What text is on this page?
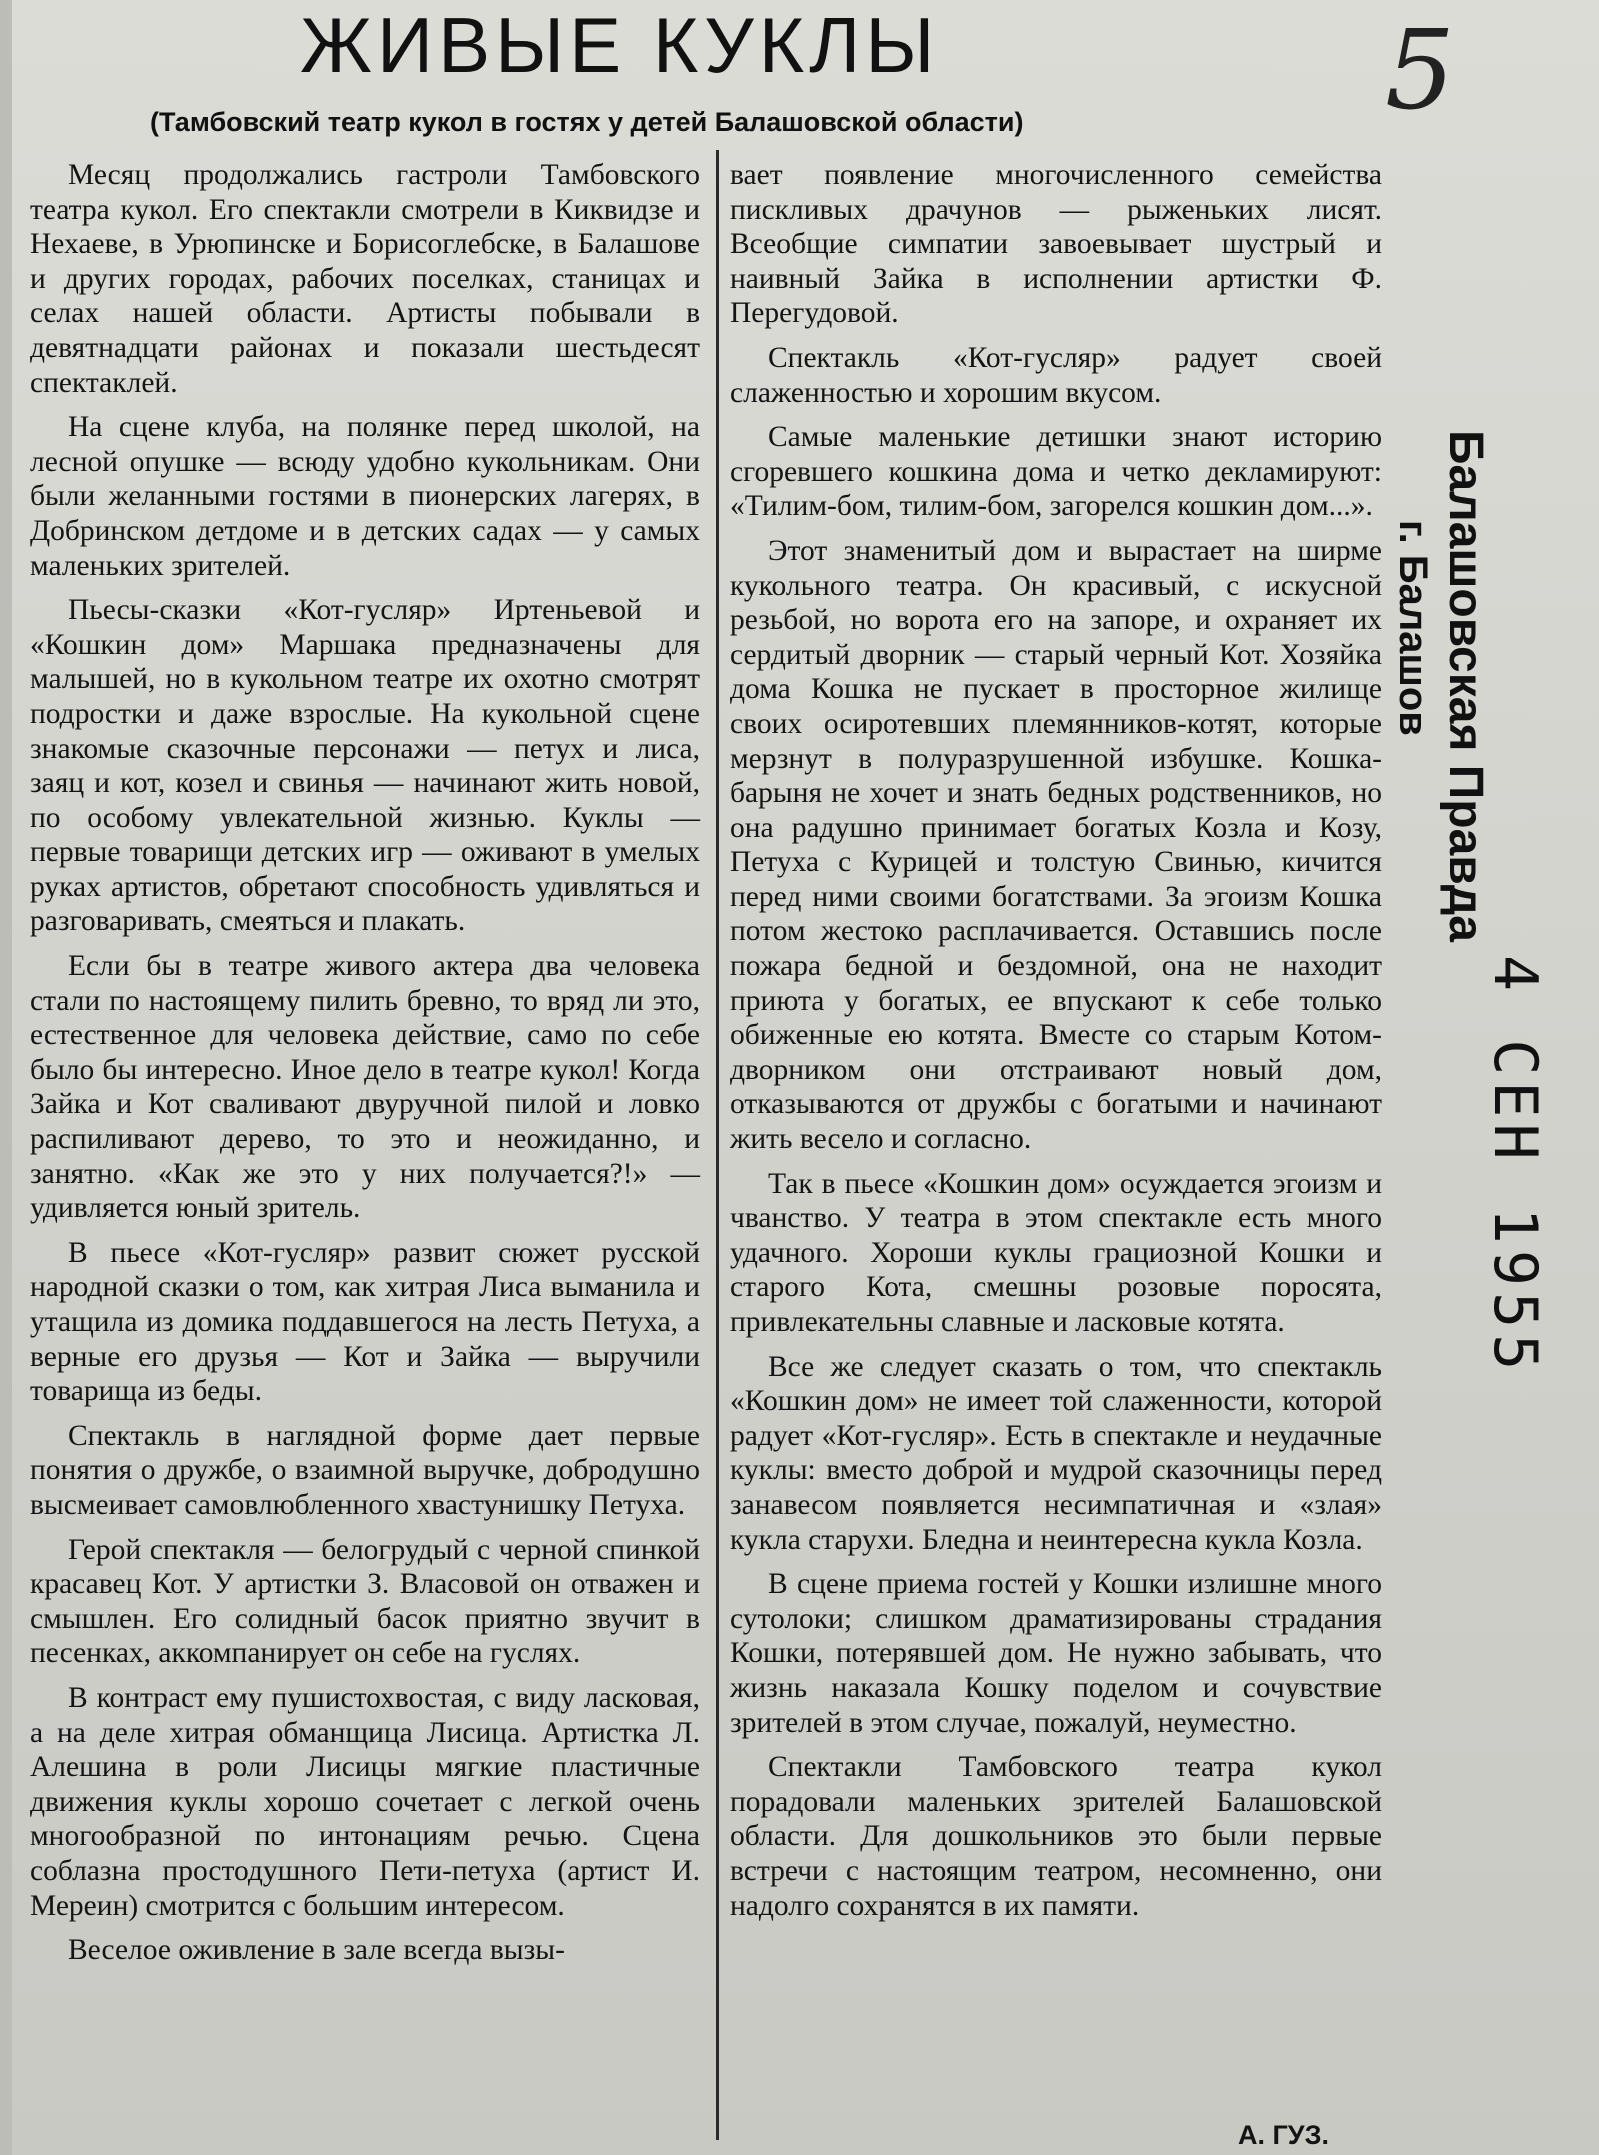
ЖИВЫЕ КУКЛЫ	5
(Тамбовский театр кукол в гостях у детей Балашовской области)

Месяц продолжались гастроли Тамбовского театра кукол. Его спектакли смотрели в Киквидзе и Нехаеве, в Урюпинске и Борисоглебске, в Балашове и других городах, рабочих поселках, станицах и селах нашей области. Артисты побывали в девятнадцати районах и показали шестьдесят спектаклей.

На сцене клуба, на полянке перед школой, на лесной опушке — всюду удобно кукольникам. Они были желанными гостями в пионерских лагерях, в Добринском детдоме и в детских садах — у самых маленьких зрителей.

Пьесы-сказки «Кот-гусляр» Иртеньевой и «Кошкин дом» Маршака предназначены для малышей, но в кукольном театре их охотно смотрят подростки и даже взрослые. На кукольной сцене знакомые сказочные персонажи — петух и лиса, заяц и кот, козел и свинья — начинают жить новой, по особому увлекательной жизнью. Куклы — первые товарищи детских игр — оживают в умелых руках артистов, обретают способность удивляться и разговаривать, смеяться и плакать.

Если бы в театре живого актера два человека стали по настоящему пилить бревно, то вряд ли это, естественное для человека действие, само по себе было бы интересно. Иное дело в театре кукол! Когда Зайка и Кот сваливают двуручной пилой и ловко распиливают дерево, то это и неожиданно, и занятно. «Как же это у них получается?!» — удивляется юный зритель.

В пьесе «Кот-гусляр» развит сюжет русской народной сказки о том, как хитрая Лиса выманила и утащила из домика поддавшегося на лесть Петуха, а верные его друзья — Кот и Зайка — выручили товарища из беды.

Спектакль в наглядной форме дает первые понятия о дружбе, о взаимной выручке, добродушно высмеивает самовлюбленного хвастунишку Петуха.

Герой спектакля — белогрудый с черной спинкой красавец Кот. У артистки З. Власовой он отважен и смышлен. Его солидный басок приятно звучит в песенках, аккомпанирует он себе на гуслях.

В контраст ему пушистохвостая, с виду ласковая, а на деле хитрая обманщица Лисица. Артистка Л. Алешина в роли Лисицы мягкие пластичные движения куклы хорошо сочетает с легкой очень многообразной по интонациям речью. Сцена соблазна простодушного Пети-петуха (артист И. Мереин) смотрится с большим интересом.

Веселое оживление в зале всегда вызы-

вает появление многочисленного семейства пискливых драчунов — рыженьких лисят. Всеобщие симпатии завоевывает шустрый и наивный Зайка в исполнении артистки Ф. Перегудовой.

Спектакль «Кот-гусляр» радует своей слаженностью и хорошим вкусом.

Самые маленькие детишки знают историю сгоревшего кошкина дома и четко декламируют: «Тилим-бом, тилим-бом, загорелся кошкин дом...».

Этот знаменитый дом и вырастает на ширме кукольного театра. Он красивый, с искусной резьбой, но ворота его на запоре, и охраняет их сердитый дворник — старый черный Кот. Хозяйка дома Кошка не пускает в просторное жилище своих осиротевших племянников-котят, которые мерзнут в полуразрушенной избушке. Кошка-барыня не хочет и знать бедных родственников, но она радушно принимает богатых Козла и Козу, Петуха с Курицей и толстую Свинью, кичится перед ними своими богатствами. За эгоизм Кошка потом жестоко расплачивается. Оставшись после пожара бедной и бездомной, она не находит приюта у богатых, ее впускают к себе только обиженные ею котята. Вместе со старым Котом-дворником они отстраивают новый дом, отказываются от дружбы с богатыми и начинают жить весело и согласно.

Так в пьесе «Кошкин дом» осуждается эгоизм и чванство. У театра в этом спектакле есть много удачного. Хороши куклы грациозной Кошки и старого Кота, смешны розовые поросята, привлекательны славные и ласковые котята.

Все же следует сказать о том, что спектакль «Кошкин дом» не имеет той слаженности, которой радует «Кот-гусляр». Есть в спектакле и неудачные куклы: вместо доброй и мудрой сказочницы перед занавесом появляется несимпатичная и «злая» кукла старухи. Бледна и неинтересна кукла Козла.

В сцене приема гостей у Кошки излишне много сутолоки; слишком драматизированы страдания Кошки, потерявшей дом. Не нужно забывать, что жизнь наказала Кошку поделом и сочувствие зрителей в этом случае, пожалуй, неуместно.

Спектакли Тамбовского театра кукол порадовали маленьких зрителей Балашовской области. Для дошкольников это были первые встречи с настоящим театром, несомненно, они надолго сохранятся в их памяти.

А. ГУЗ.
Балашовская Правда
г. Балашов
4 СЕН 1955
